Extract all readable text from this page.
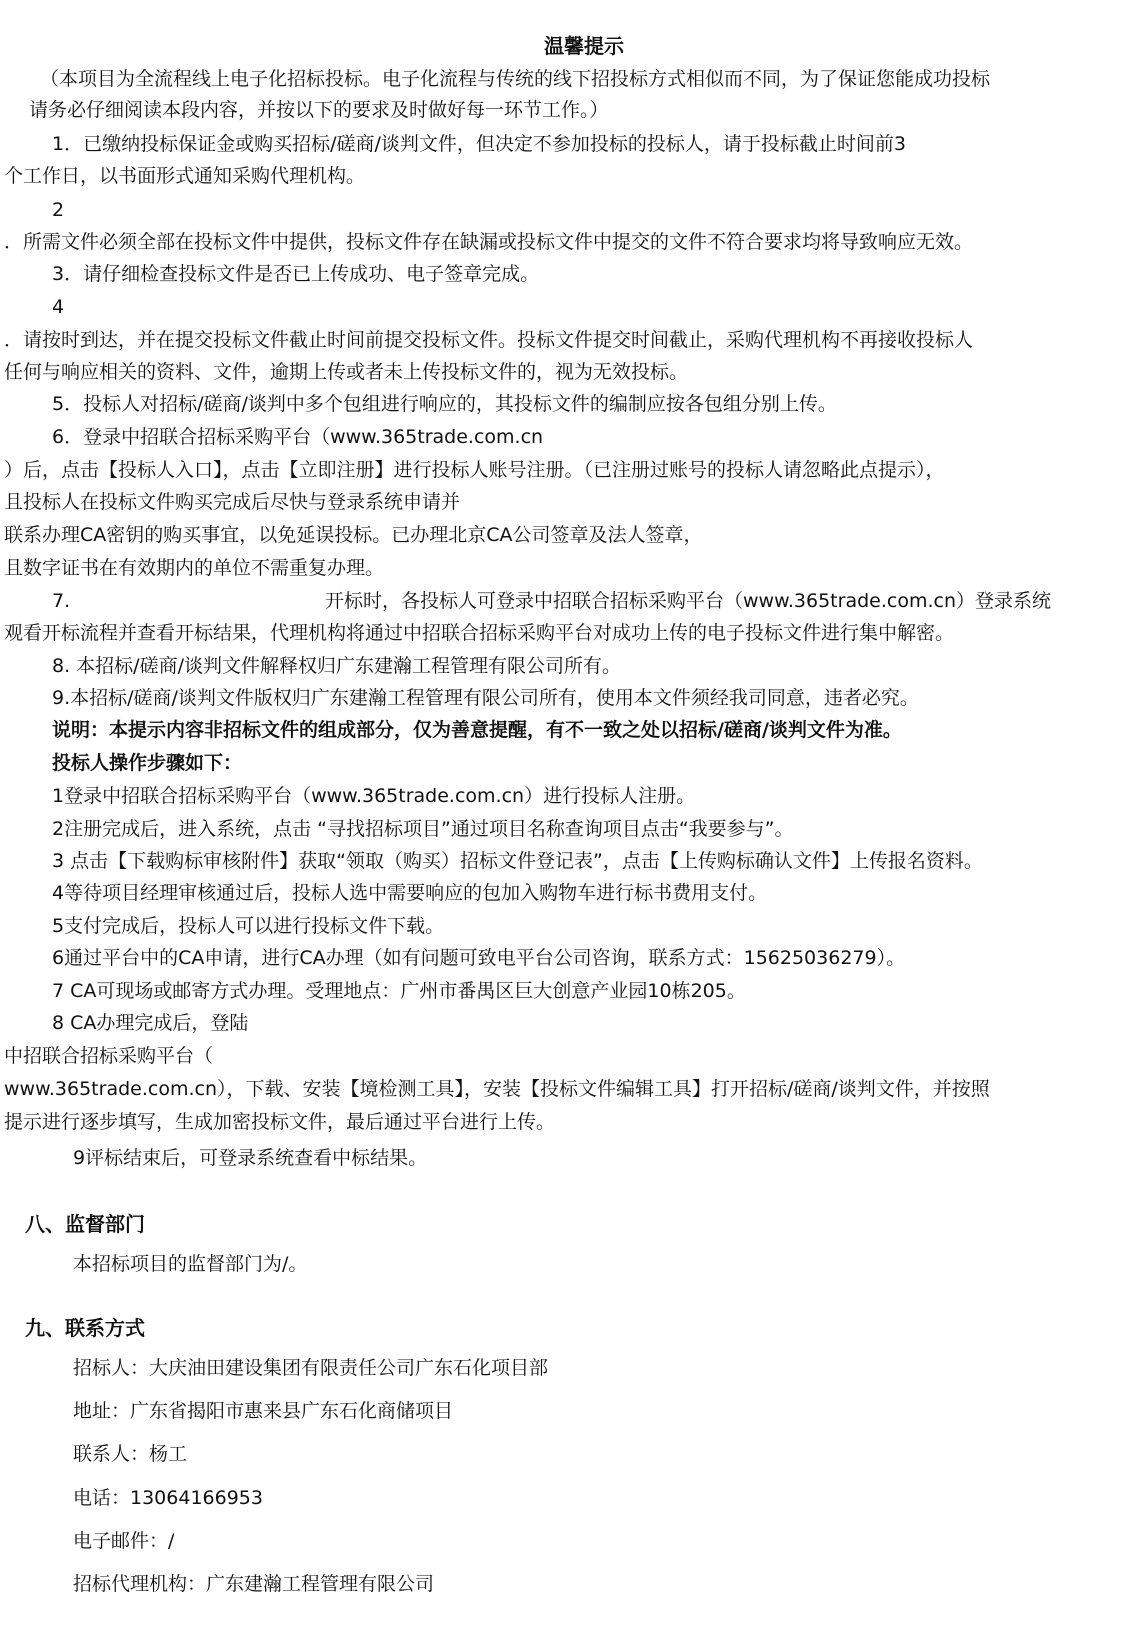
温馨提示
（本项目为全流程线上电子化招标投标。电子化流程与传统的线下招投标方式相似而不同，为了保证您能成功投标
请务必仔细阅读本段内容，并按以下的要求及时做好每一环节工作。）
1．已缴纳投标保证金或购买招标/磋商/谈判文件，但决定不参加投标的投标人，请于投标截止时间前3
个工作日，以书面形式通知采购代理机构。
2
．所需文件必须全部在投标文件中提供，投标文件存在缺漏或投标文件中提交的文件不符合要求均将导致响应无效。
3．请仔细检查投标文件是否已上传成功、电子签章完成。
4
．请按时到达，并在提交投标文件截止时间前提交投标文件。投标文件提交时间截止，采购代理机构不再接收投标人
任何与响应相关的资料、文件，逾期上传或者未上传投标文件的，视为无效投标。
5．投标人对招标/磋商/谈判中多个包组进行响应的，其投标文件的编制应按各包组分别上传。
6．登录中招联合招标采购平台（www.365trade.com.cn
）后，点击【投标人入口】，点击【立即注册】进行投标人账号注册。（已注册过账号的投标人请忽略此点提示），
且投标人在投标文件购买完成后尽快与登录系统申请并
联系办理CA密钥的购买事宜，以免延误投标。已办理北京CA公司签章及法人签章，
且数字证书在有效期内的单位不需重复办理。
7.	开标时，各投标人可登录中招联合招标采购平台（www.365trade.com.cn）登录系统
观看开标流程并查看开标结果，代理机构将通过中招联合招标采购平台对成功上传的电子投标文件进行集中解密。
8. 本招标/磋商/谈判文件解释权归广东建瀚工程管理有限公司所有。
9.本招标/磋商/谈判文件版权归广东建瀚工程管理有限公司所有，使用本文件须经我司同意，违者必究。
说明：本提示内容非招标文件的组成部分，仅为善意提醒，有不一致之处以招标/磋商/谈判文件为准。
投标人操作步骤如下：
1登录中招联合招标采购平台（www.365trade.com.cn）进行投标人注册。
2注册完成后，进入系统，点击 “寻找招标项目”通过项目名称查询项目点击“我要参与”。
3 点击【下载购标审核附件】获取“领取（购买）招标文件登记表”，点击【上传购标确认文件】上传报名资料。
4等待项目经理审核通过后，投标人选中需要响应的包加入购物车进行标书费用支付。
5支付完成后，投标人可以进行投标文件下载。
6通过平台中的CA申请，进行CA办理（如有问题可致电平台公司咨询，联系方式：15625036279）。
7 CA可现场或邮寄方式办理。受理地点：广州市番禺区巨大创意产业园10栋205。
8 CA办理完成后，登陆
中招联合招标采购平台（
www.365trade.com.cn），下载、安装【境检测工具】，安装【投标文件编辑工具】打开招标/磋商/谈判文件，并按照
提示进行逐步填写，生成加密投标文件，最后通过平台进行上传。
9评标结束后，可登录系统查看中标结果。
八、监督部门
本招标项目的监督部门为/。
九、联系方式
招标人：大庆油田建设集团有限责任公司广东石化项目部
地址：广东省揭阳市惠来县广东石化商储项目
联系人：杨工
电话：13064166953
电子邮件：/
招标代理机构：广东建瀚工程管理有限公司
